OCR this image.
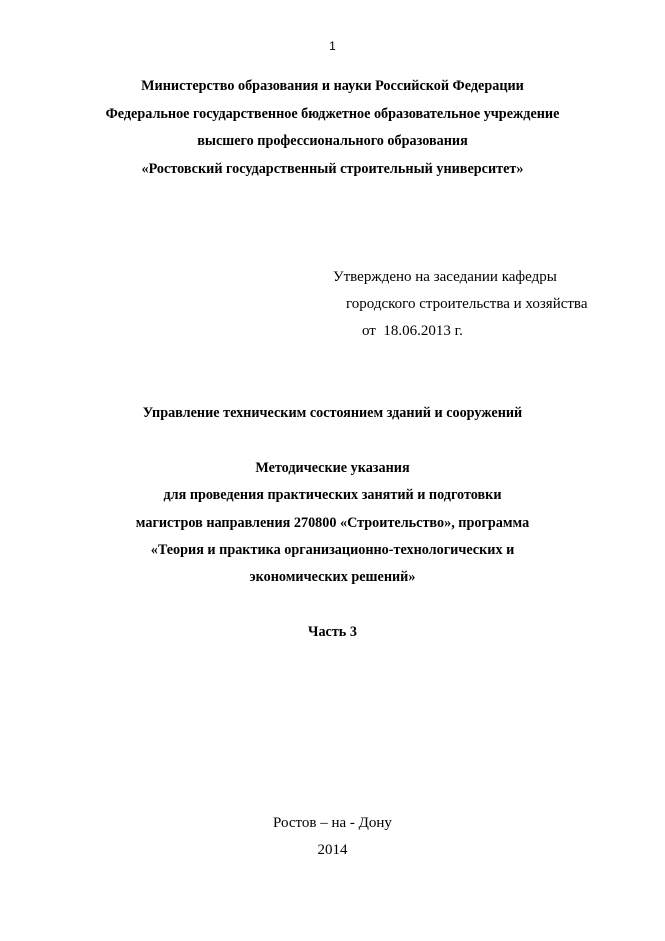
1
Министерство образования и науки Российской Федерации
Федеральное государственное бюджетное образовательное учреждение
высшего профессионального образования
«Ростовский государственный строительный университет»
Утверждено на заседании кафедры
городского строительства и хозяйства
от  18.06.2013 г.
Управление техническим состоянием зданий и сооружений
Методические указания
для проведения практических занятий и подготовки
магистров направления 270800 «Строительство», программа
«Теория и практика организационно-технологических и
экономических решений»
Часть 3
Ростов – на - Дону
2014
